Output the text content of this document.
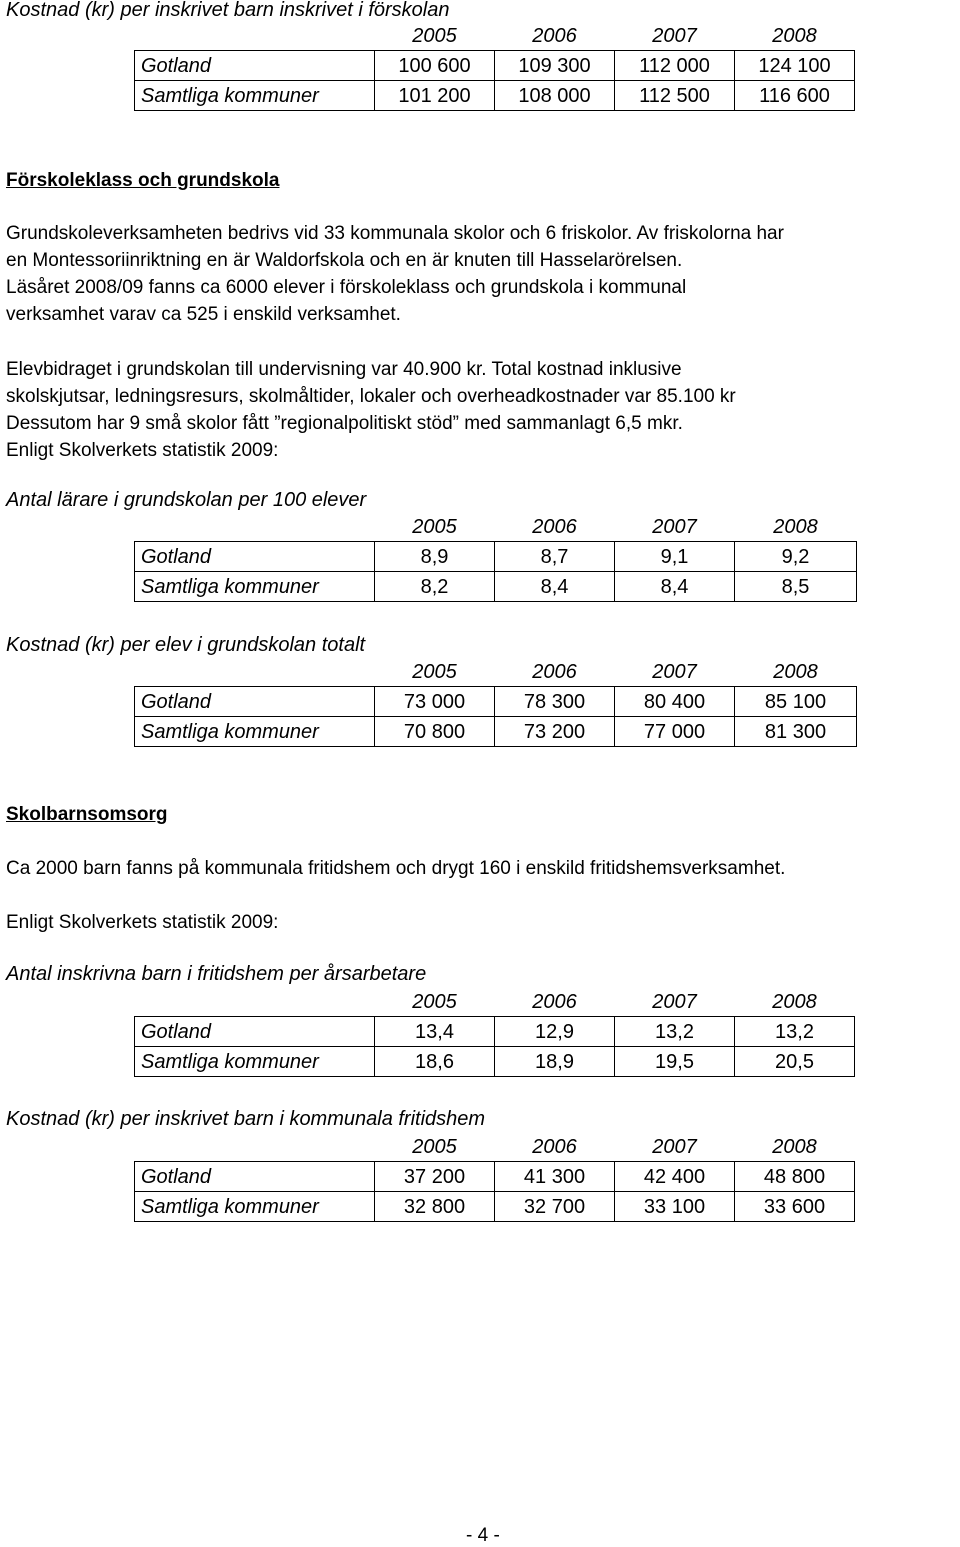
Kostnad (kr) per inskrivet barn inskrivet i förskolan
	2005	2006	2007	2008
Gotland	100 600	109 300	112 000	124 100
Samtliga kommuner	101 200	108 000	112 500	116 600
Förskoleklass och grundskola
Grundskoleverksamheten bedrivs vid 33 kommunala skolor och 6 friskolor. Av friskolorna har
en Montessoriinriktning en är Waldorfskola och en är knuten till Hasselarörelsen.
Läsåret 2008/09 fanns ca 6000 elever i förskoleklass och grundskola i kommunal
verksamhet varav ca 525 i enskild verksamhet.
Elevbidraget i grundskolan till undervisning var 40.900 kr. Total kostnad inklusive
skolskjutsar, ledningsresurs, skolmåltider, lokaler och overheadkostnader var 85.100 kr
Dessutom har 9 små skolor fått ”regionalpolitiskt stöd” med sammanlagt 6,5 mkr.
Enligt Skolverkets statistik 2009:
Antal lärare i grundskolan per 100 elever
	2005	2006	2007	2008
Gotland	8,9	8,7	9,1	9,2
Samtliga kommuner	8,2	8,4	8,4	8,5
Kostnad (kr) per elev i grundskolan totalt
	2005	2006	2007	2008
Gotland	73 000	78 300	80 400	85 100
Samtliga kommuner	70 800	73 200	77 000	81 300
Skolbarnsomsorg
Ca 2000 barn fanns på kommunala fritidshem och drygt 160 i enskild fritidshemsverksamhet.
Enligt Skolverkets statistik 2009:
Antal inskrivna barn i fritidshem per årsarbetare
	2005	2006	2007	2008
Gotland	13,4	12,9	13,2	13,2
Samtliga kommuner	18,6	18,9	19,5	20,5
Kostnad (kr) per inskrivet barn i kommunala fritidshem
	2005	2006	2007	2008
Gotland	37 200	41 300	42 400	48 800
Samtliga kommuner	32 800	32 700	33 100	33 600
- 4 -
